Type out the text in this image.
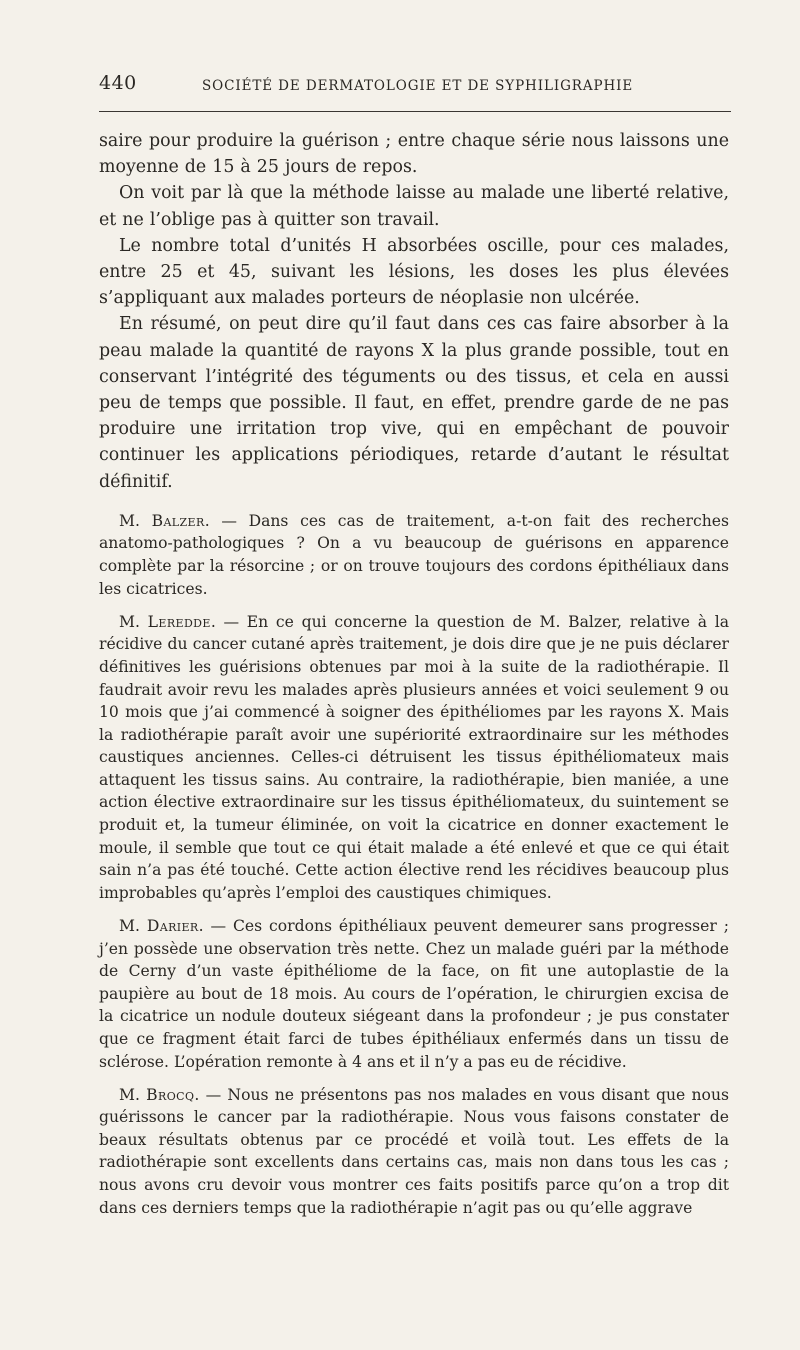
440	SOCIÉTÉ DE DERMATOLOGIE ET DE SYPHILIGRAPHIE

saire pour produire la guérison ; entre chaque série nous laissons une moyenne de 15 à 25 jours de repos.

On voit par là que la méthode laisse au malade une liberté relative, et ne l’oblige pas à quitter son travail.

Le nombre total d’unités H absorbées oscille, pour ces malades, entre 25 et 45, suivant les lésions, les doses les plus élevées s’appliquant aux malades porteurs de néoplasie non ulcérée.

En résumé, on peut dire qu’il faut dans ces cas faire absorber à la peau malade la quantité de rayons X la plus grande possible, tout en conservant l’intégrité des téguments ou des tissus, et cela en aussi peu de temps que possible. Il faut, en effet, prendre garde de ne pas produire une irritation trop vive, qui en empêchant de pouvoir continuer les applications périodiques, retarde d’autant le résultat définitif.

M. Balzer. — Dans ces cas de traitement, a-t-on fait des recherches anatomo-pathologiques ? On a vu beaucoup de guérisons en apparence complète par la résorcine ; or on trouve toujours des cordons épithéliaux dans les cicatrices.

M. Leredde. — En ce qui concerne la question de M. Balzer, relative à la récidive du cancer cutané après traitement, je dois dire que je ne puis déclarer définitives les guérisions obtenues par moi à la suite de la radiothérapie. Il faudrait avoir revu les malades après plusieurs années et voici seulement 9 ou 10 mois que j’ai commencé à soigner des épithéliomes par les rayons X. Mais la radiothérapie paraît avoir une supériorité extraordinaire sur les méthodes caustiques anciennes. Celles-ci détruisent les tissus épithéliomateux mais attaquent les tissus sains. Au contraire, la radiothérapie, bien maniée, a une action élective extraordinaire sur les tissus épithéliomateux, du suintement se produit et, la tumeur éliminée, on voit la cicatrice en donner exactement le moule, il semble que tout ce qui était malade a été enlevé et que ce qui était sain n’a pas été touché. Cette action élective rend les récidives beaucoup plus improbables qu’après l’emploi des caustiques chimiques.

M. Darier. — Ces cordons épithéliaux peuvent demeurer sans progresser ; j’en possède une observation très nette. Chez un malade guéri par la méthode de Cerny d’un vaste épithéliome de la face, on fit une autoplastie de la paupière au bout de 18 mois. Au cours de l’opération, le chirurgien excisa de la cicatrice un nodule douteux siégeant dans la profondeur ; je pus constater que ce fragment était farci de tubes épithéliaux enfermés dans un tissu de sclérose. L’opération remonte à 4 ans et il n’y a pas eu de récidive.

M. Brocq. — Nous ne présentons pas nos malades en vous disant que nous guérissons le cancer par la radiothérapie. Nous vous faisons constater de beaux résultats obtenus par ce procédé et voilà tout. Les effets de la radiothérapie sont excellents dans certains cas, mais non dans tous les cas ; nous avons cru devoir vous montrer ces faits positifs parce qu’on a trop dit dans ces derniers temps que la radiothérapie n’agit pas ou qu’elle aggrave
